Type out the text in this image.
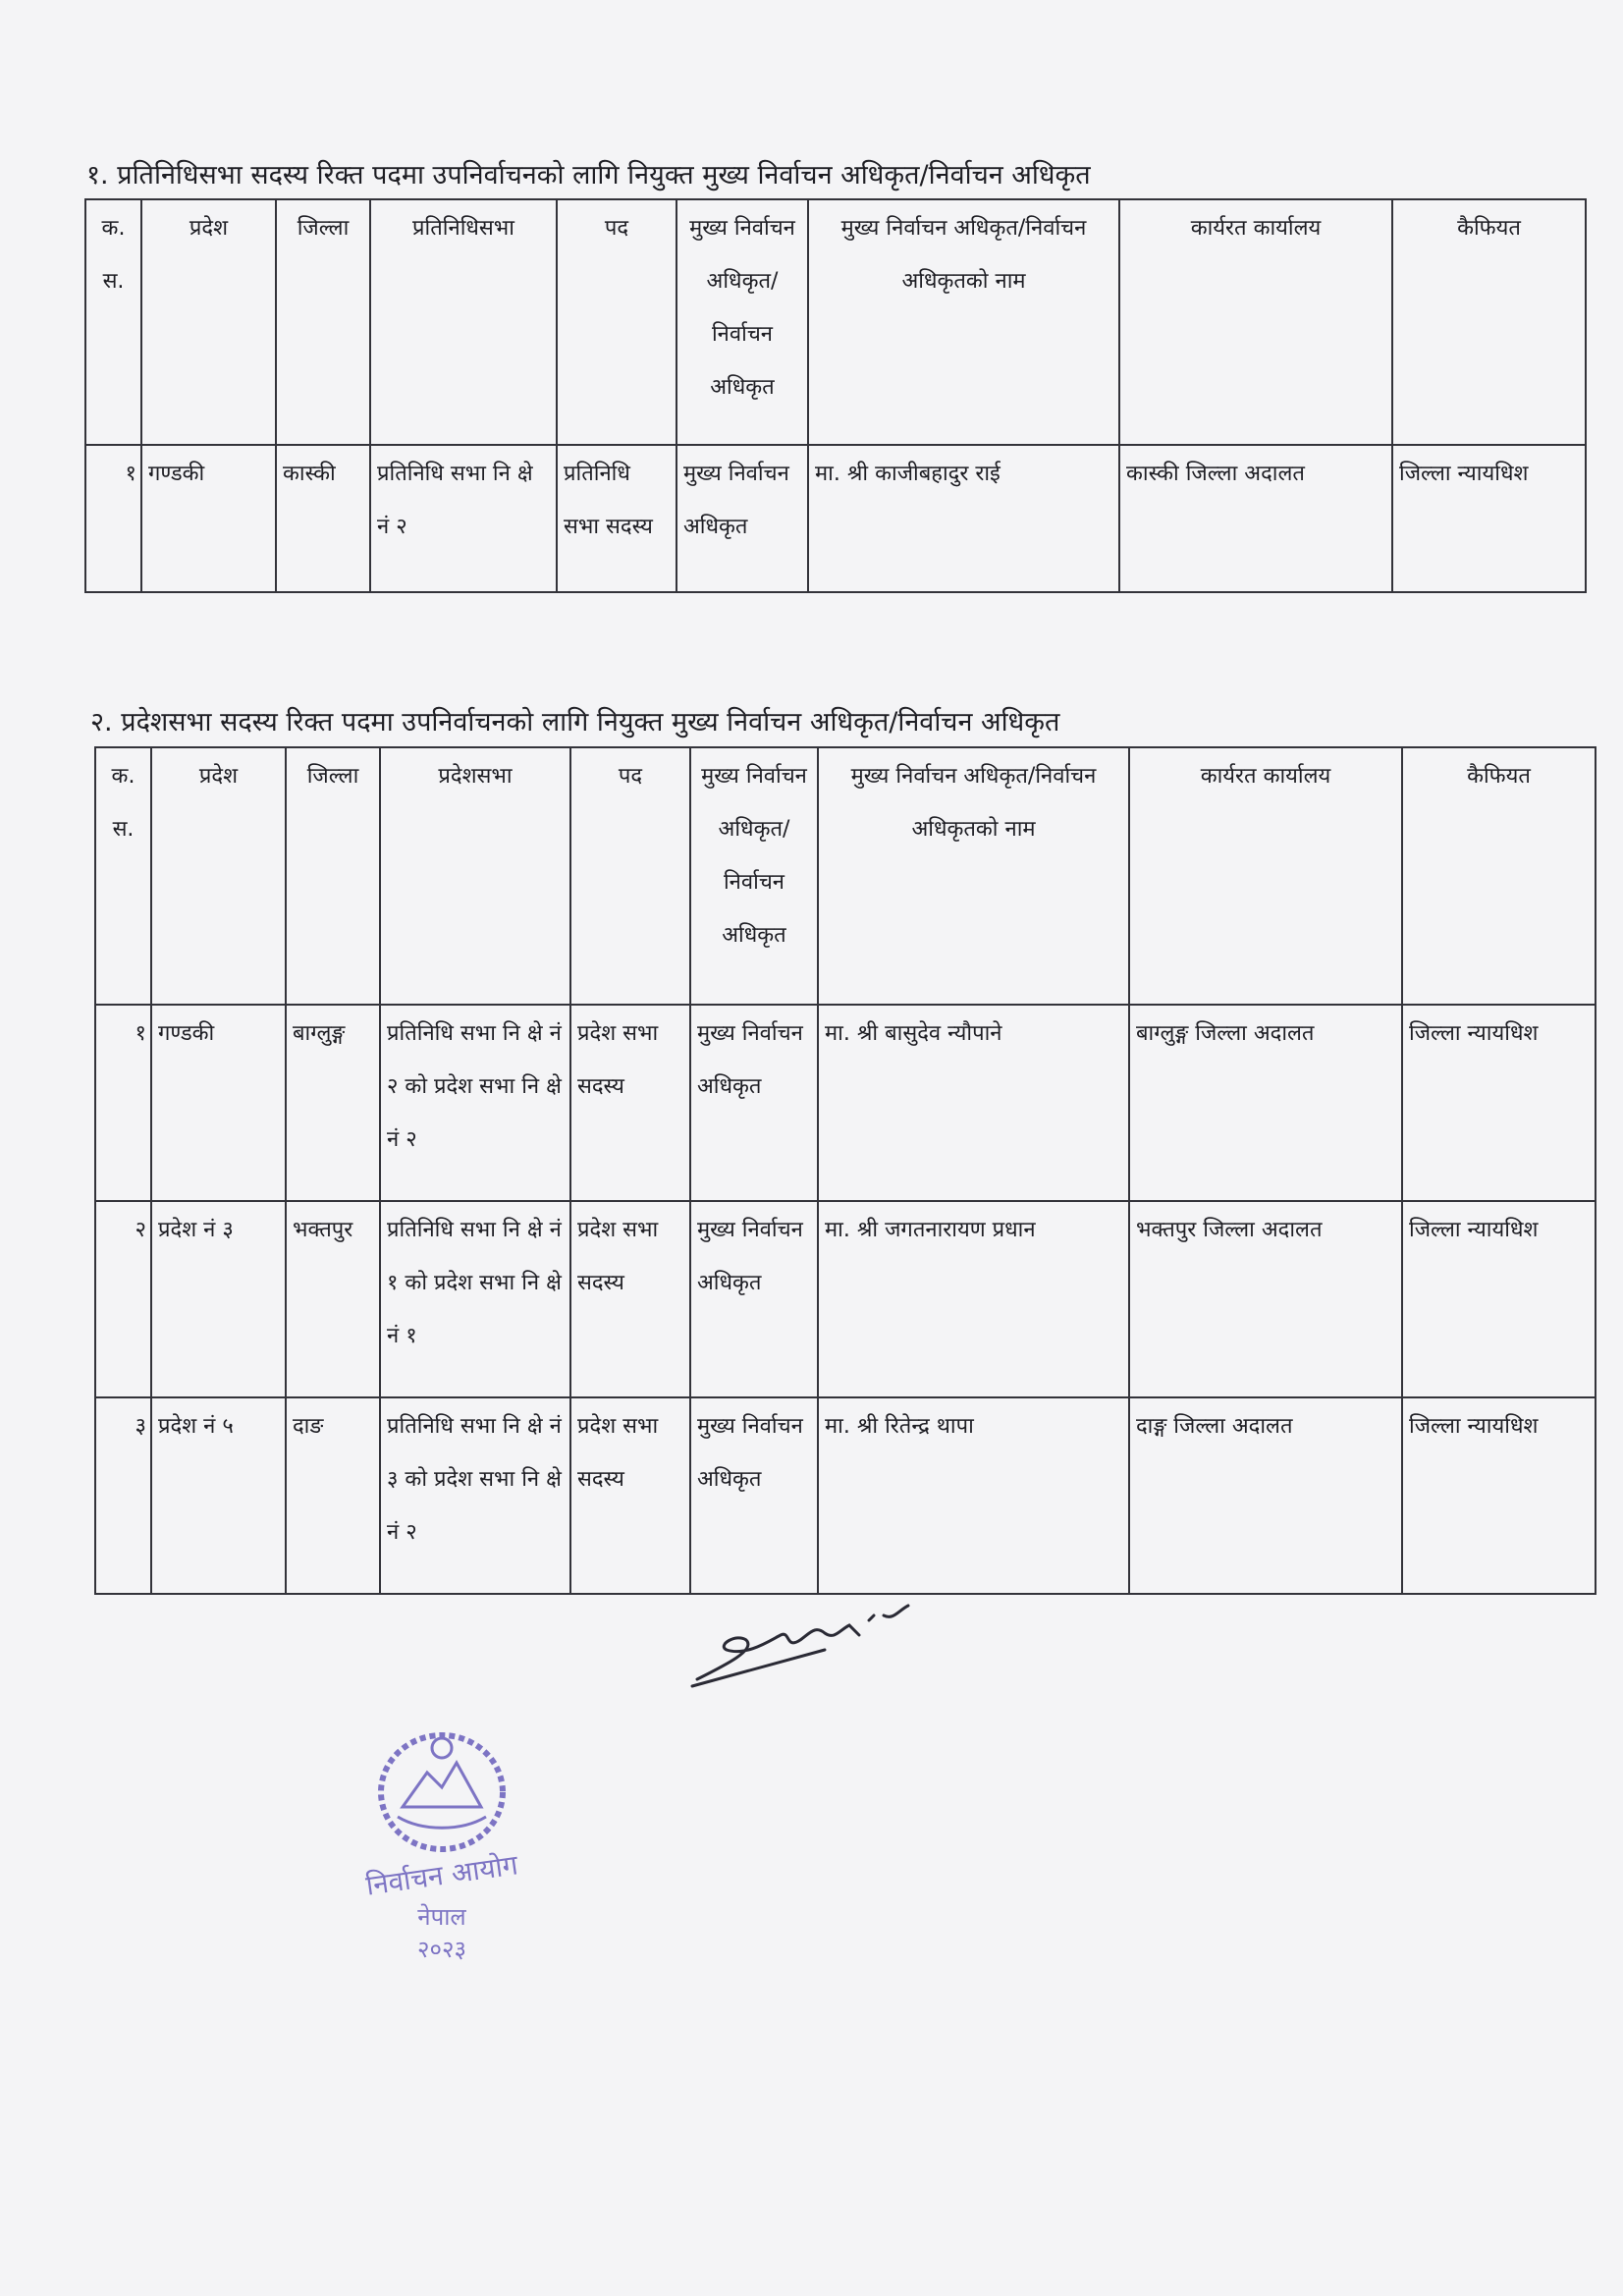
१. प्रतिनिधिसभा सदस्य रिक्त पदमा उपनिर्वाचनको लागि नियुक्त मुख्य निर्वाचन अधिकृत/निर्वाचन अधिकृत
क. स.	प्रदेश	जिल्ला	प्रतिनिधिसभा	पद	मुख्य निर्वाचन अधिकृत/ निर्वाचन अधिकृत	मुख्य निर्वाचन अधिकृत/निर्वाचन अधिकृतको नाम	कार्यरत कार्यालय	कैफियत
१	गण्डकी	कास्की	प्रतिनिधि सभा नि क्षे नं २	प्रतिनिधि सभा सदस्य	मुख्य निर्वाचन अधिकृत	मा. श्री काजीबहादुर राई	कास्की जिल्ला अदालत	जिल्ला न्यायधिश
२. प्रदेशसभा सदस्य रिक्त पदमा उपनिर्वाचनको लागि नियुक्त मुख्य निर्वाचन अधिकृत/निर्वाचन अधिकृत
क. स.	प्रदेश	जिल्ला	प्रदेशसभा	पद	मुख्य निर्वाचन अधिकृत/ निर्वाचन अधिकृत	मुख्य निर्वाचन अधिकृत/निर्वाचन अधिकृतको नाम	कार्यरत कार्यालय	कैफियत
१	गण्डकी	बाग्लुङ्ग	प्रतिनिधि सभा नि क्षे नं २ को प्रदेश सभा नि क्षे नं २	प्रदेश सभा सदस्य	मुख्य निर्वाचन अधिकृत	मा. श्री बासुदेव न्यौपाने	बाग्लुङ्ग जिल्ला अदालत	जिल्ला न्यायधिश
२	प्रदेश नं ३	भक्तपुर	प्रतिनिधि सभा नि क्षे नं १ को प्रदेश सभा नि क्षे नं १	प्रदेश सभा सदस्य	मुख्य निर्वाचन अधिकृत	मा. श्री जगतनारायण प्रधान	भक्तपुर जिल्ला अदालत	जिल्ला न्यायधिश
३	प्रदेश नं ५	दाङ	प्रतिनिधि सभा नि क्षे नं ३ को प्रदेश सभा नि क्षे नं २	प्रदेश सभा सदस्य	मुख्य निर्वाचन अधिकृत	मा. श्री रितेन्द्र थापा	दाङ्ग जिल्ला अदालत	जिल्ला न्यायधिश
निर्वाचन आयोग
नेपाल
२०२३
